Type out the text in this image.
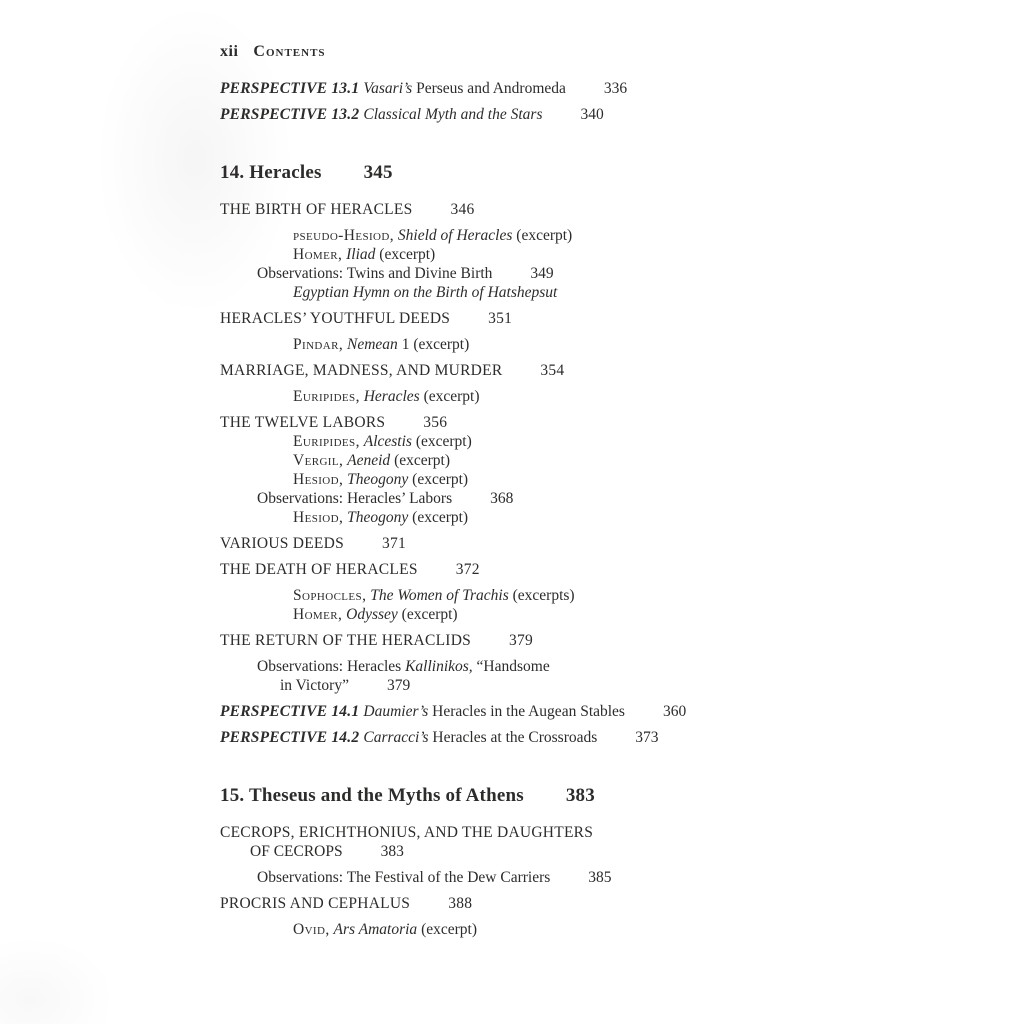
xii Contents
PERSPECTIVE 13.1 Vasari’s Perseus and Andromeda 336
PERSPECTIVE 13.2 Classical Myth and the Stars 340
14. Heracles 345
THE BIRTH OF HERACLES 346
pseudo-Hesiod, Shield of Heracles (excerpt)
Homer, Iliad (excerpt)
Observations: Twins and Divine Birth 349
Egyptian Hymn on the Birth of Hatshepsut
HERACLES’ YOUTHFUL DEEDS 351
Pindar, Nemean 1 (excerpt)
MARRIAGE, MADNESS, AND MURDER 354
Euripides, Heracles (excerpt)
THE TWELVE LABORS 356
Euripides, Alcestis (excerpt)
Vergil, Aeneid (excerpt)
Hesiod, Theogony (excerpt)
Observations: Heracles’ Labors 368
Hesiod, Theogony (excerpt)
VARIOUS DEEDS 371
THE DEATH OF HERACLES 372
Sophocles, The Women of Trachis (excerpts)
Homer, Odyssey (excerpt)
THE RETURN OF THE HERACLIDS 379
Observations: Heracles Kallinikos, “Handsome
in Victory” 379
PERSPECTIVE 14.1 Daumier’s Heracles in the Augean Stables 360
PERSPECTIVE 14.2 Carracci’s Heracles at the Crossroads 373
15. Theseus and the Myths of Athens 383
CECROPS, ERICHTHONIUS, AND THE DAUGHTERS
OF CECROPS 383
Observations: The Festival of the Dew Carriers 385
PROCRIS AND CEPHALUS 388
Ovid, Ars Amatoria (excerpt)
